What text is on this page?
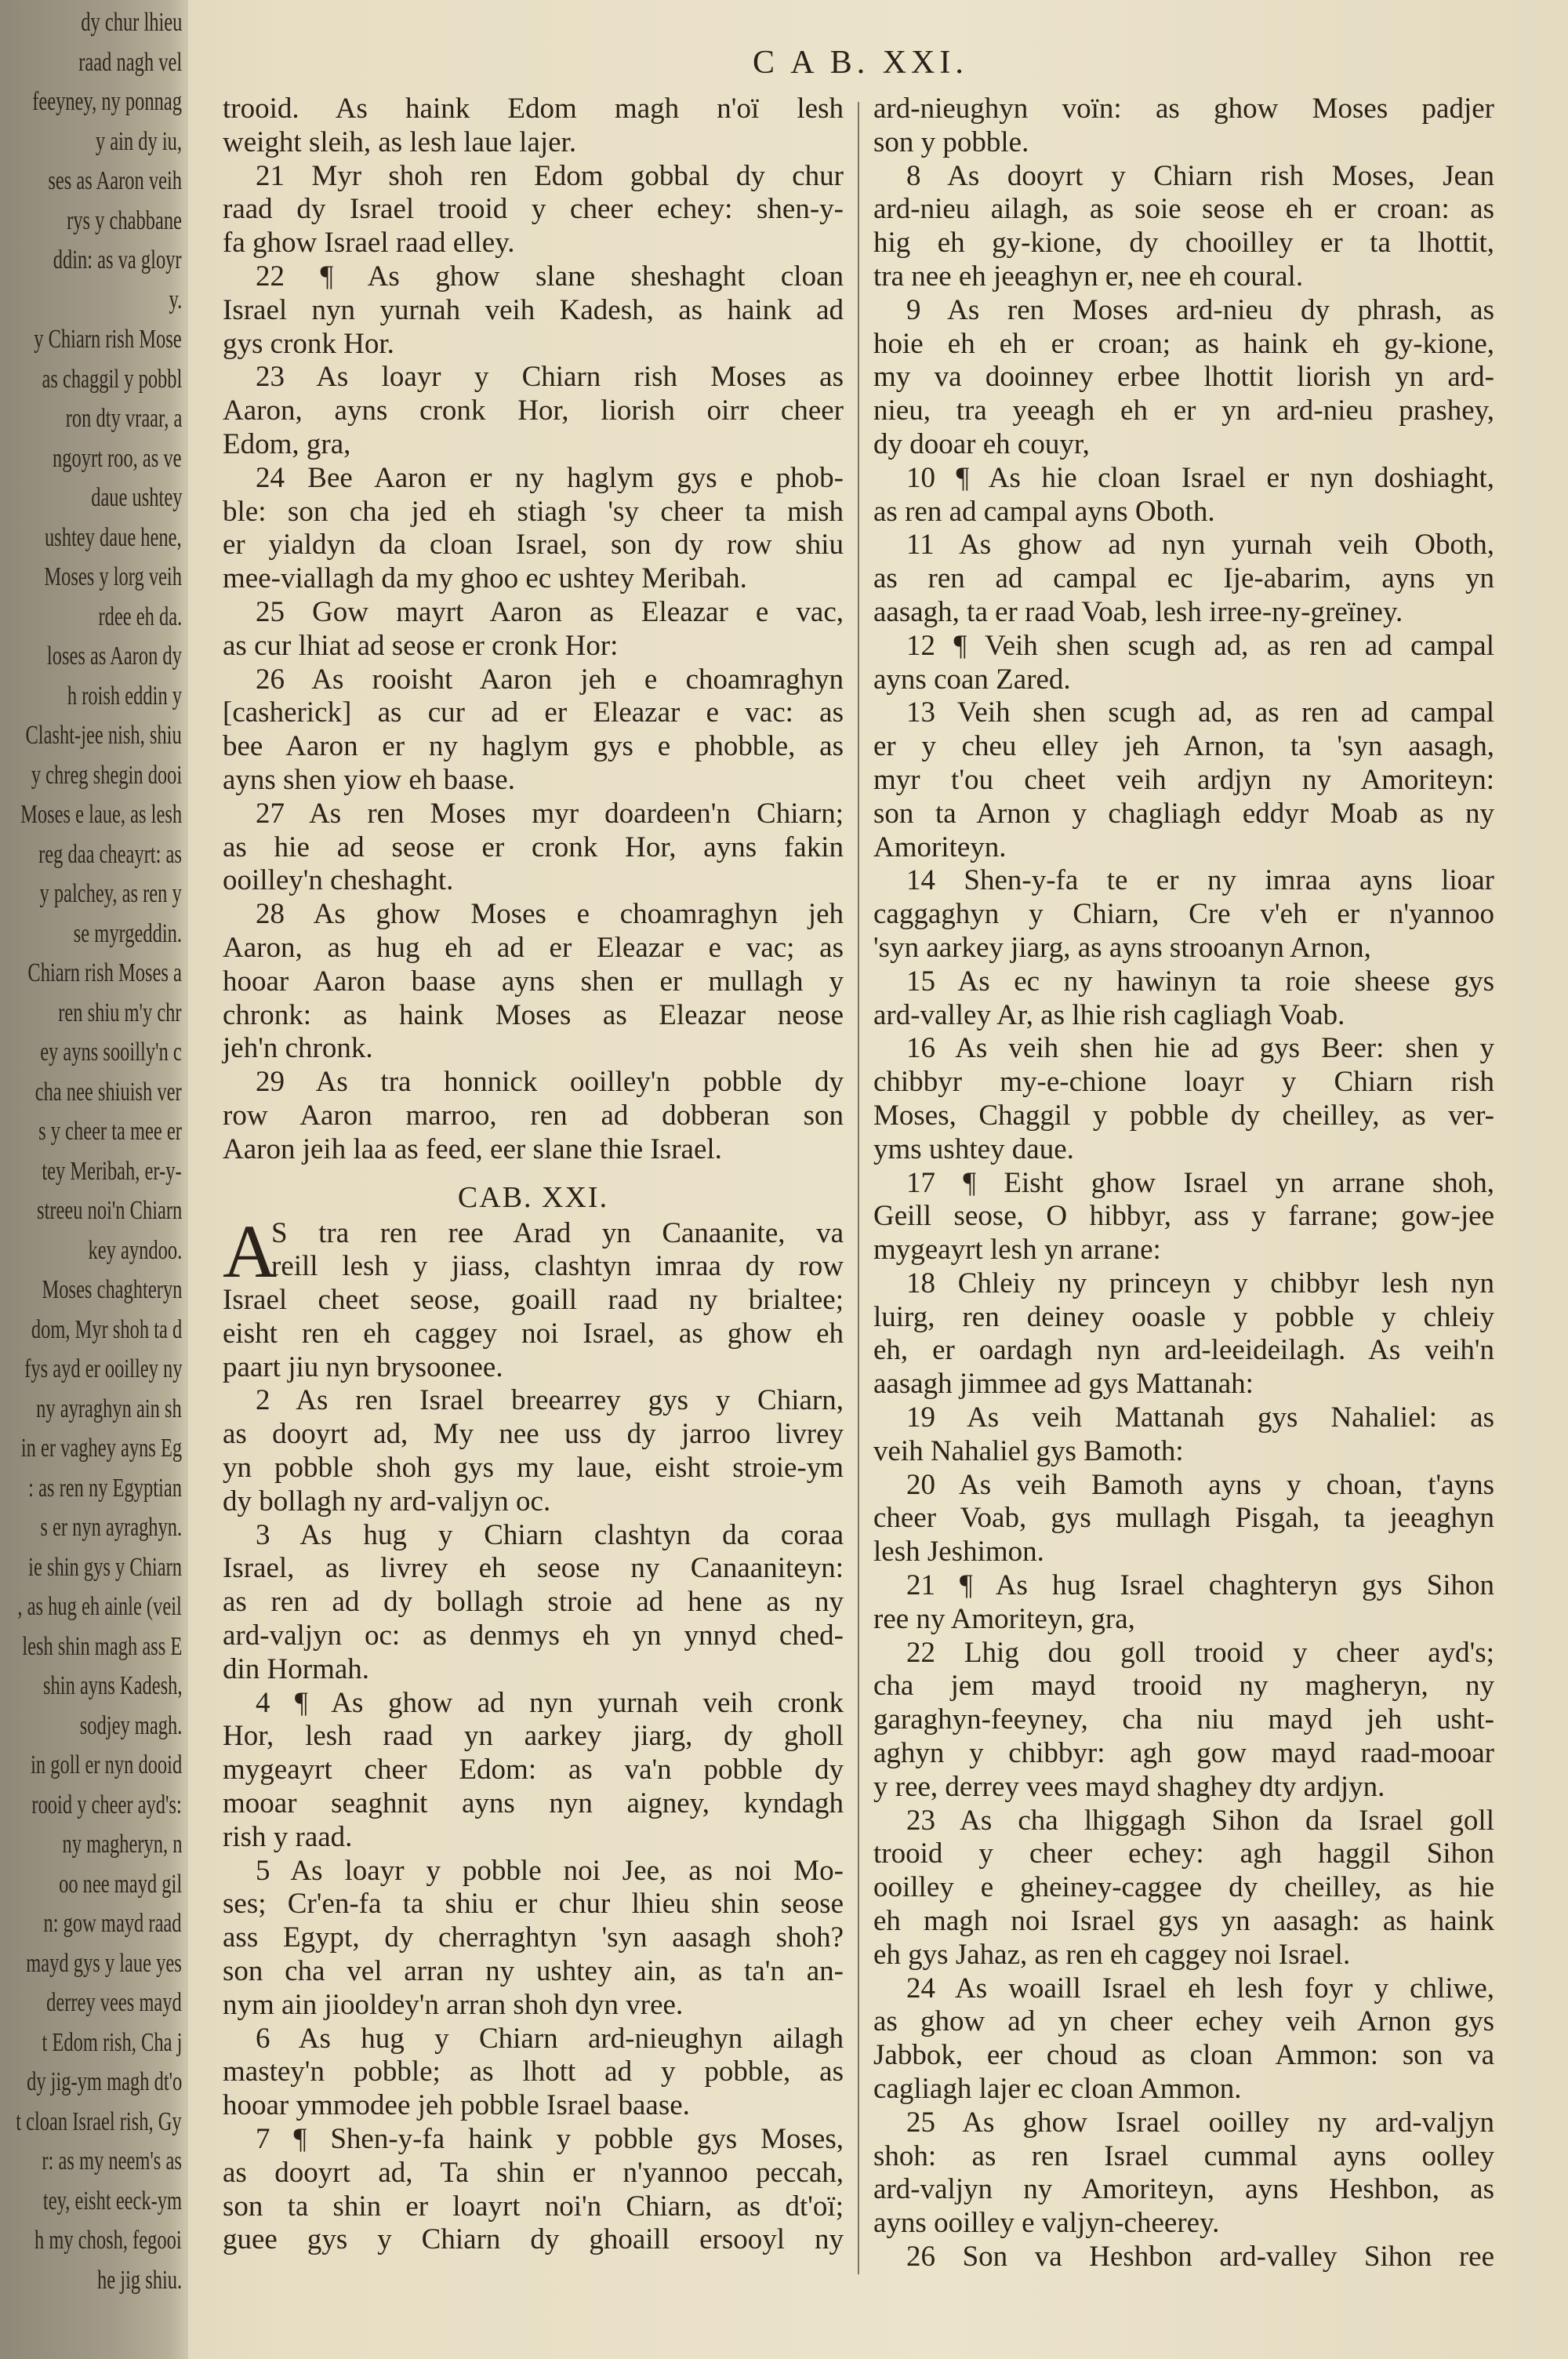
dy chur lhieu
raad nagh vel
feeyney, ny ponnag
y ain dy iu,
ses as Aaron veih
rys y chabbane
ddin: as va gloyr
y.
y Chiarn rish Mose
as chaggil y pobbl
ron dty vraar, a
ngoyrt roo, as ve
daue ushtey
ushtey daue hene,
Moses y lorg veih
rdee eh da.
loses as Aaron dy
h roish eddin y
Clasht-jee nish, shiu
y chreg shegin dooi
Moses e laue, as lesh
reg daa cheayrt: as
y palchey, as ren y
se myrgeddin.
Chiarn rish Moses a
ren shiu m'y chr
ey ayns sooilly'n c
cha nee shiuish ver
s y cheer ta mee er
tey Meribah, er-y-
streeu noi'n Chiarn
key ayndoo.
Moses chaghteryn
dom, Myr shoh ta d
fys ayd er ooilley ny
ny ayraghyn ain sh
in er vaghey ayns Eg
: as ren ny Egyptian
s er nyn ayraghyn.
ie shin gys y Chiarn
, as hug eh ainle (veil
lesh shin magh ass E
shin ayns Kadesh,
sodjey magh.
in goll er nyn dooid
rooid y cheer ayd's:
ny magheryn, n
oo nee mayd gil
n: gow mayd raad
mayd gys y laue yes
derrey vees mayd
t Edom rish, Cha j
dy jig-ym magh dt'o
t cloan Israel rish, Gy
r: as my neem's as
tey, eisht eeck-ym
h my chosh, fegooi
he jig shiu.
C A B. XXI.
trooid. As haink Edom magh n'oï lesh
weight sleih, as lesh laue lajer.
21 Myr shoh ren Edom gobbal dy chur
raad dy Israel trooid y cheer echey: shen-y-
fa ghow Israel raad elley.
22 ¶ As ghow slane sheshaght cloan
Israel nyn yurnah veih Kadesh, as haink ad
gys cronk Hor.
23 As loayr y Chiarn rish Moses as
Aaron, ayns cronk Hor, liorish oirr cheer
Edom, gra,
24 Bee Aaron er ny haglym gys e phob-
ble: son cha jed eh stiagh 'sy cheer ta mish
er yialdyn da cloan Israel, son dy row shiu
mee-viallagh da my ghoo ec ushtey Meribah.
25 Gow mayrt Aaron as Eleazar e vac,
as cur lhiat ad seose er cronk Hor:
26 As rooisht Aaron jeh e choamraghyn
[casherick] as cur ad er Eleazar e vac: as
bee Aaron er ny haglym gys e phobble, as
ayns shen yiow eh baase.
27 As ren Moses myr doardeen'n Chiarn;
as hie ad seose er cronk Hor, ayns fakin
ooilley'n cheshaght.
28 As ghow Moses e choamraghyn jeh
Aaron, as hug eh ad er Eleazar e vac; as
hooar Aaron baase ayns shen er mullagh y
chronk: as haink Moses as Eleazar neose
jeh'n chronk.
29 As tra honnick ooilley'n pobble dy
row Aaron marroo, ren ad dobberan son
Aaron jeih laa as feed, eer slane thie Israel.
CAB. XXI.
A
S tra ren ree Arad yn Canaanite, va
reill lesh y jiass, clashtyn imraa dy row
Israel cheet seose, goaill raad ny brialtee;
eisht ren eh caggey noi Israel, as ghow eh
paart jiu nyn brysoonee.
2 As ren Israel breearrey gys y Chiarn,
as dooyrt ad, My nee uss dy jarroo livrey
yn pobble shoh gys my laue, eisht stroie-ym
dy bollagh ny ard-valjyn oc.
3 As hug y Chiarn clashtyn da coraa
Israel, as livrey eh seose ny Canaaniteyn:
as ren ad dy bollagh stroie ad hene as ny
ard-valjyn oc: as denmys eh yn ynnyd ched-
din Hormah.
4 ¶ As ghow ad nyn yurnah veih cronk
Hor, lesh raad yn aarkey jiarg, dy gholl
mygeayrt cheer Edom: as va'n pobble dy
mooar seaghnit ayns nyn aigney, kyndagh
rish y raad.
5 As loayr y pobble noi Jee, as noi Mo-
ses; Cr'en-fa ta shiu er chur lhieu shin seose
ass Egypt, dy cherraghtyn 'syn aasagh shoh?
son cha vel arran ny ushtey ain, as ta'n an-
nym ain jiooldey'n arran shoh dyn vree.
6 As hug y Chiarn ard-nieughyn ailagh
mastey'n pobble; as lhott ad y pobble, as
hooar ymmodee jeh pobble Israel baase.
7 ¶ Shen-y-fa haink y pobble gys Moses,
as dooyrt ad, Ta shin er n'yannoo peccah,
son ta shin er loayrt noi'n Chiarn, as dt'oï;
guee gys y Chiarn dy ghoaill ersooyl ny
ard-nieughyn voïn: as ghow Moses padjer
son y pobble.
8 As dooyrt y Chiarn rish Moses, Jean
ard-nieu ailagh, as soie seose eh er croan: as
hig eh gy-kione, dy chooilley er ta lhottit,
tra nee eh jeeaghyn er, nee eh coural.
9 As ren Moses ard-nieu dy phrash, as
hoie eh eh er croan; as haink eh gy-kione,
my va dooinney erbee lhottit liorish yn ard-
nieu, tra yeeagh eh er yn ard-nieu prashey,
dy dooar eh couyr,
10 ¶ As hie cloan Israel er nyn doshiaght,
as ren ad campal ayns Oboth.
11 As ghow ad nyn yurnah veih Oboth,
as ren ad campal ec Ije-abarim, ayns yn
aasagh, ta er raad Voab, lesh irree-ny-greïney.
12 ¶ Veih shen scugh ad, as ren ad campal
ayns coan Zared.
13 Veih shen scugh ad, as ren ad campal
er y cheu elley jeh Arnon, ta 'syn aasagh,
myr t'ou cheet veih ardjyn ny Amoriteyn:
son ta Arnon y chagliagh eddyr Moab as ny
Amoriteyn.
14 Shen-y-fa te er ny imraa ayns lioar
caggaghyn y Chiarn, Cre v'eh er n'yannoo
'syn aarkey jiarg, as ayns strooanyn Arnon,
15 As ec ny hawinyn ta roie sheese gys
ard-valley Ar, as lhie rish cagliagh Voab.
16 As veih shen hie ad gys Beer: shen y
chibbyr my-e-chione loayr y Chiarn rish
Moses, Chaggil y pobble dy cheilley, as ver-
yms ushtey daue.
17 ¶ Eisht ghow Israel yn arrane shoh,
Geill seose, O hibbyr, ass y farrane; gow-jee
mygeayrt lesh yn arrane:
18 Chleiy ny princeyn y chibbyr lesh nyn
luirg, ren deiney ooasle y pobble y chleiy
eh, er oardagh nyn ard-leeideilagh. As veih'n
aasagh jimmee ad gys Mattanah:
19 As veih Mattanah gys Nahaliel: as
veih Nahaliel gys Bamoth:
20 As veih Bamoth ayns y choan, t'ayns
cheer Voab, gys mullagh Pisgah, ta jeeaghyn
lesh Jeshimon.
21 ¶ As hug Israel chaghteryn gys Sihon
ree ny Amoriteyn, gra,
22 Lhig dou goll trooid y cheer ayd's;
cha jem mayd trooid ny magheryn, ny
garaghyn-feeyney, cha niu mayd jeh usht-
aghyn y chibbyr: agh gow mayd raad-mooar
y ree, derrey vees mayd shaghey dty ardjyn.
23 As cha lhiggagh Sihon da Israel goll
trooid y cheer echey: agh haggil Sihon
ooilley e gheiney-caggee dy cheilley, as hie
eh magh noi Israel gys yn aasagh: as haink
eh gys Jahaz, as ren eh caggey noi Israel.
24 As woaill Israel eh lesh foyr y chliwe,
as ghow ad yn cheer echey veih Arnon gys
Jabbok, eer choud as cloan Ammon: son va
cagliagh lajer ec cloan Ammon.
25 As ghow Israel ooilley ny ard-valjyn
shoh: as ren Israel cummal ayns oolley
ard-valjyn ny Amoriteyn, ayns Heshbon, as
ayns ooilley e valjyn-cheerey.
26 Son va Heshbon ard-valley Sihon ree
